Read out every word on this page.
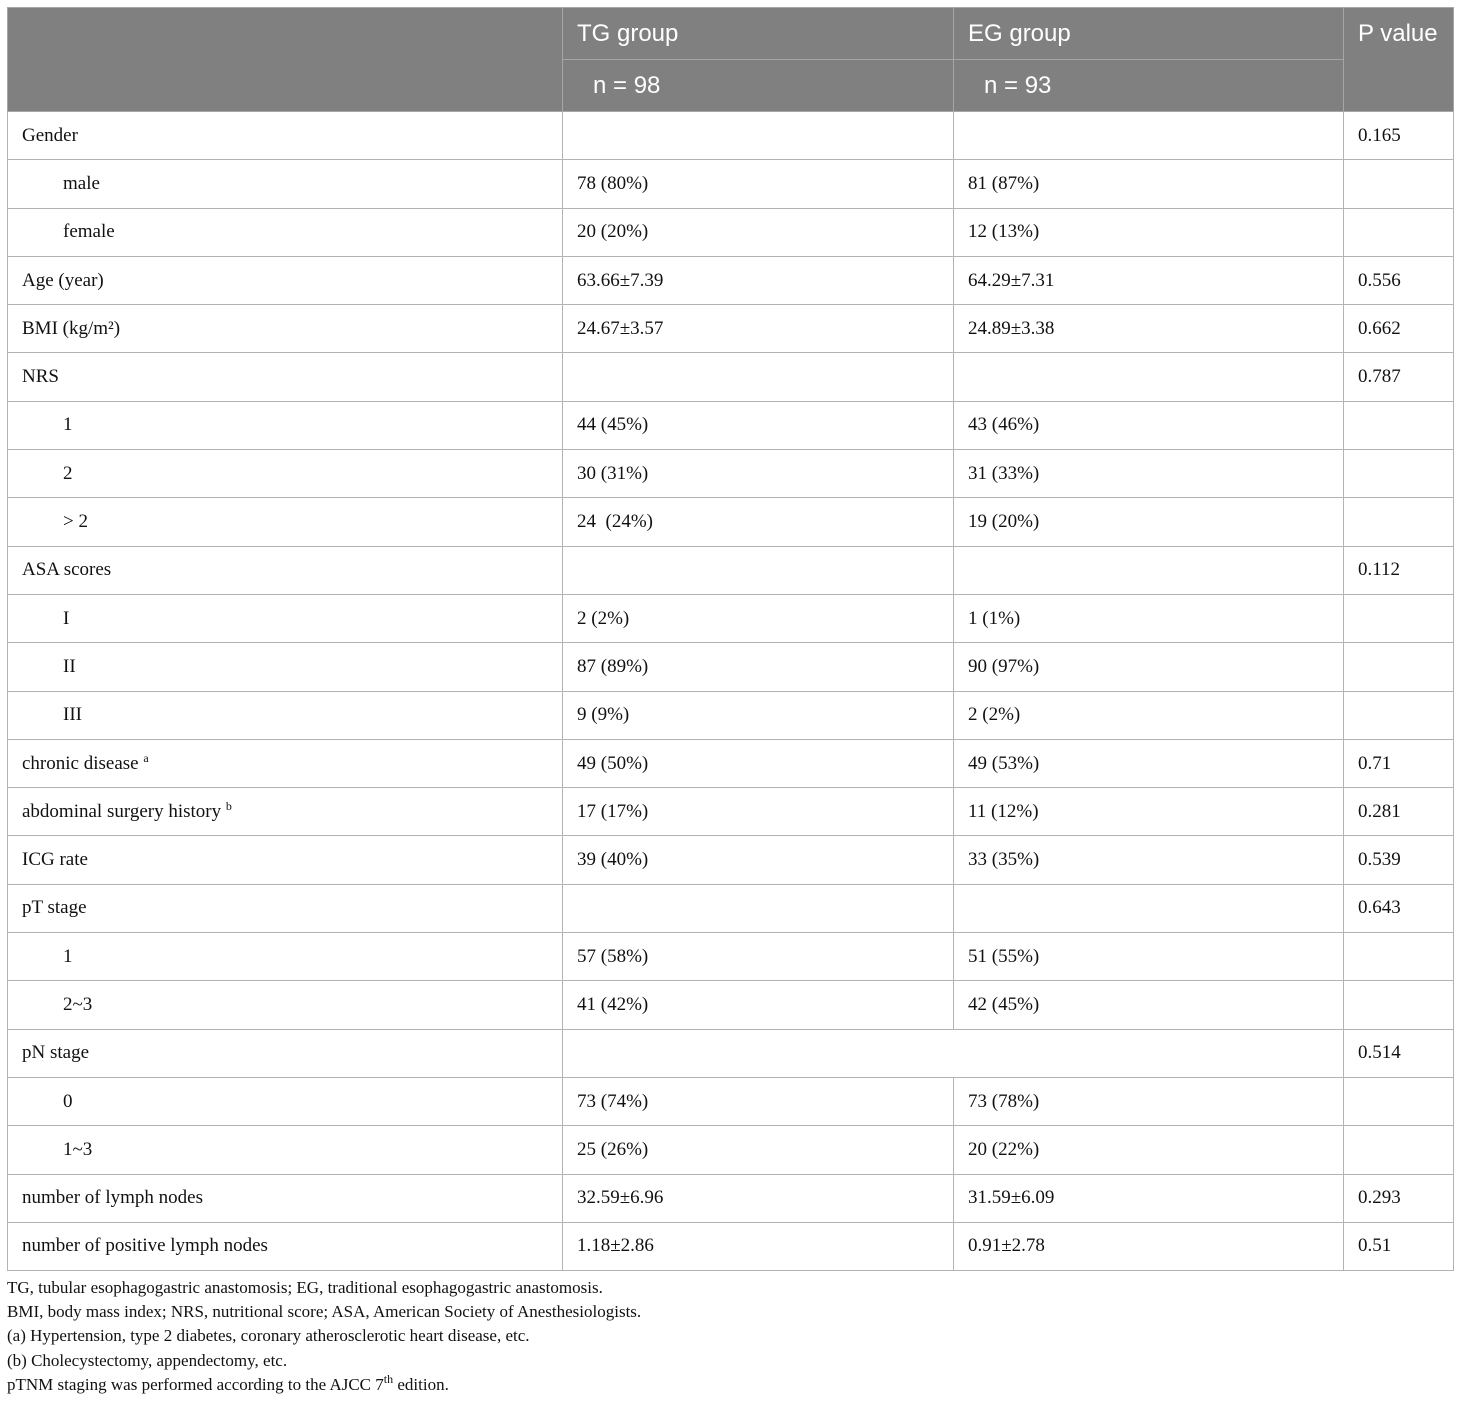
	TG group	EG group	P value
	n = 98	n = 93	
Gender			0.165
male	78 (80%)	81 (87%)	
female	20 (20%)	12 (13%)	
Age (year)	63.66±7.39	64.29±7.31	0.556
BMI (kg/m²)	24.67±3.57	24.89±3.38	0.662
NRS			0.787
1	44 (45%)	43 (46%)	
2	30 (31%)	31 (33%)	
> 2	24  (24%)	19 (20%)	
ASA scores			0.112
I	2 (2%)	1 (1%)	
II	87 (89%)	90 (97%)	
III	9 (9%)	2 (2%)	
chronic disease $^a$	49 (50%)	49 (53%)	0.71
abdominal surgery history $^b$	17 (17%)	11 (12%)	0.281
ICG rate	39 (40%)	33 (35%)	0.539
pT stage			0.643
1	57 (58%)	51 (55%)	
2~3	41 (42%)	42 (45%)	
pN stage			0.514
0	73 (74%)	73 (78%)	
1~3	25 (26%)	20 (22%)	
number of lymph nodes	32.59±6.96	31.59±6.09	0.293
number of positive lymph nodes	1.18±2.86	0.91±2.78	0.51
TG, tubular esophagogastric anastomosis; EG, traditional esophagogastric anastomosis.
BMI, body mass index; NRS, nutritional score; ASA, American Society of Anesthesiologists.
(a) Hypertension, type 2 diabetes, coronary atherosclerotic heart disease, etc.
(b) Cholecystectomy, appendectomy, etc.
pTNM staging was performed according to the AJCC 7th edition.
